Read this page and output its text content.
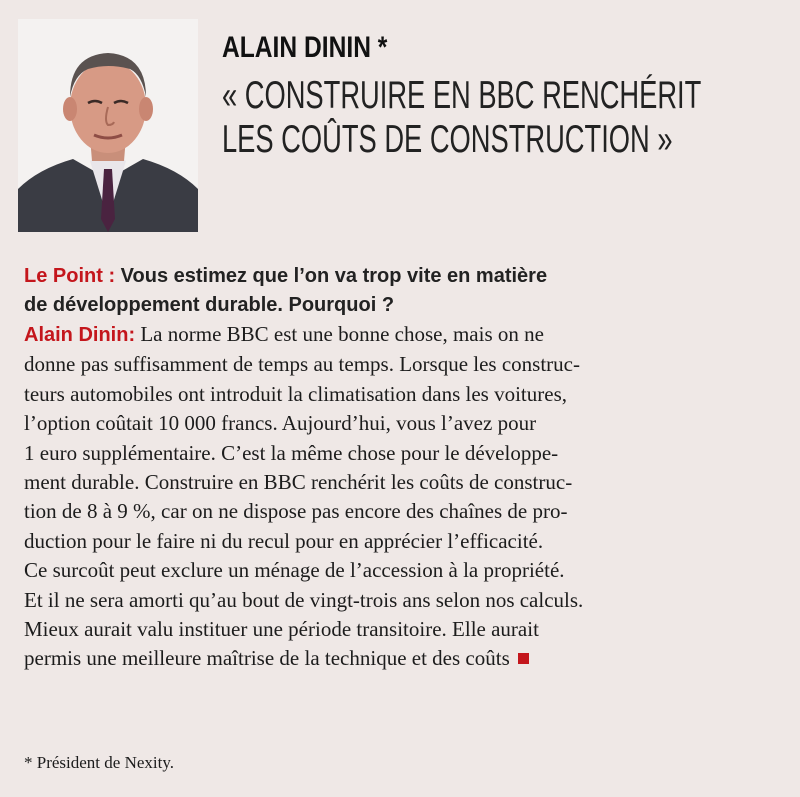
ALAIN DININ *
« CONSTRUIRE EN BBC RENCHÉRIT
LES COÛTS DE CONSTRUCTION »
Le Point : Vous estimez que l’on va trop vite en matière
de développement durable. Pourquoi ?
Alain Dinin: La norme BBC est une bonne chose, mais on ne
donne pas suffisamment de temps au temps. Lorsque les construc-
teurs automobiles ont introduit la climatisation dans les voitures,
l’option coûtait 10 000 francs. Aujourd’hui, vous l’avez pour
1 euro supplémentaire. C’est la même chose pour le développe-
ment durable. Construire en BBC renchérit les coûts de construc-
tion de 8 à 9 %, car on ne dispose pas encore des chaînes de pro-
duction pour le faire ni du recul pour en apprécier l’efficacité.
Ce surcoût peut exclure un ménage de l’accession à la propriété.
Et il ne sera amorti qu’au bout de vingt-trois ans selon nos calculs.
Mieux aurait valu instituer une période transitoire. Elle aurait
permis une meilleure maîtrise de la technique et des coûts
* Président de Nexity.
